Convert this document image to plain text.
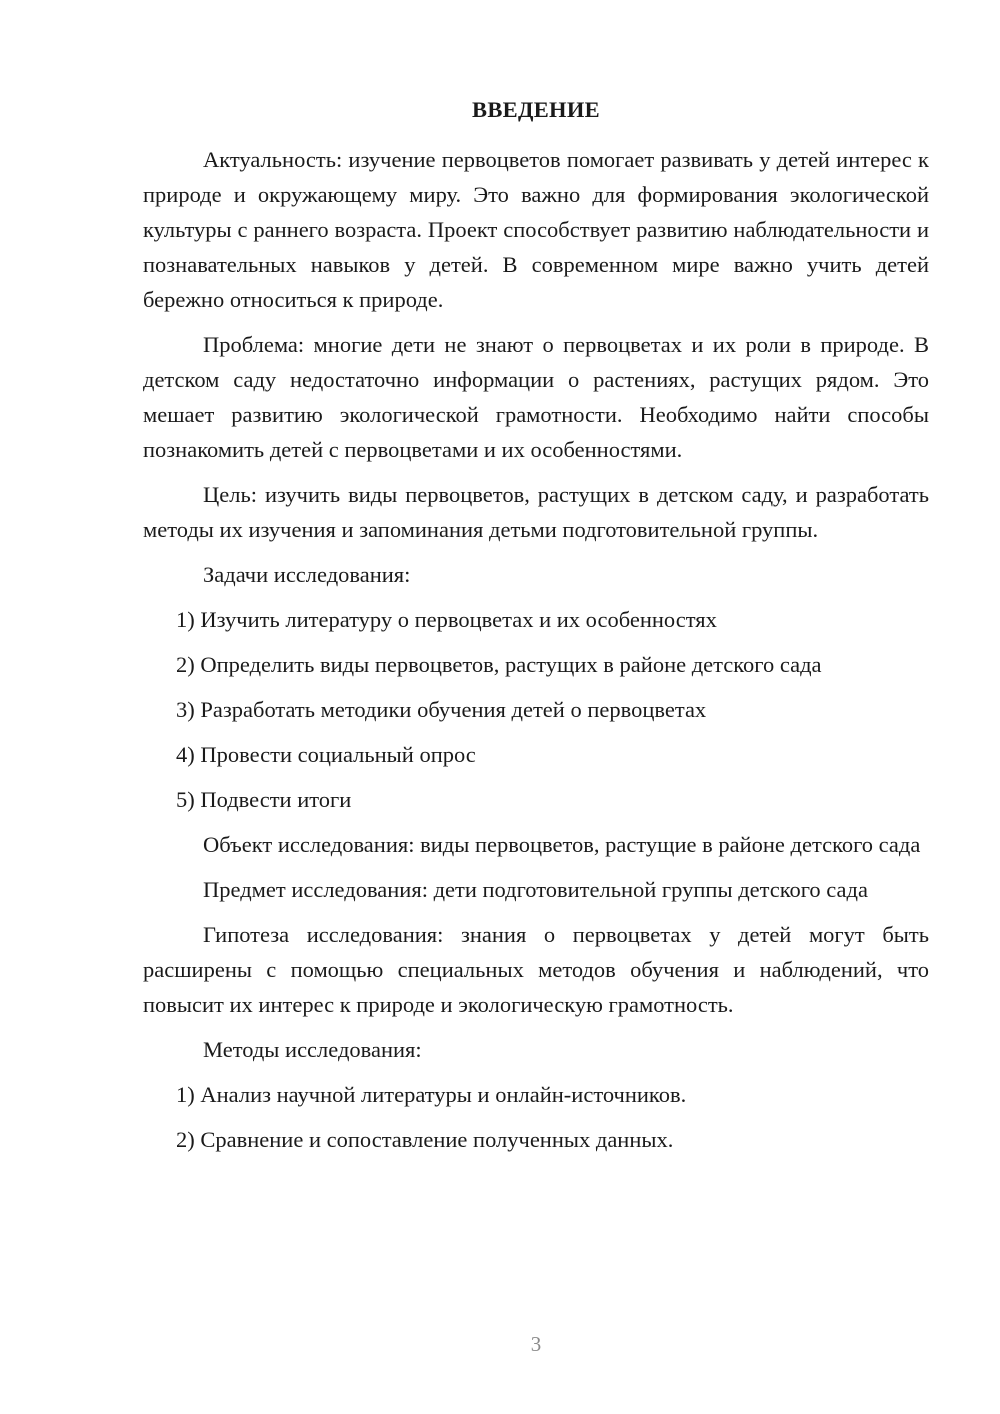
ВВЕДЕНИЕ

Актуальность: изучение первоцветов помогает развивать у детей интерес к природе и окружающему миру. Это важно для формирования экологической культуры с раннего возраста. Проект способствует развитию наблюдательности и познавательных навыков у детей. В современном мире важно учить детей бережно относиться к природе.

Проблема: многие дети не знают о первоцветах и их роли в природе. В детском саду недостаточно информации о растениях, растущих рядом. Это мешает развитию экологической грамотности. Необходимо найти способы познакомить детей с первоцветами и их особенностями.

Цель: изучить виды первоцветов, растущих в детском саду, и разработать методы их изучения и запоминания детьми подготовительной группы.

Задачи исследования:

1) Изучить литературу о первоцветах и их особенностях

2) Определить виды первоцветов, растущих в районе детского сада

3) Разработать методики обучения детей о первоцветах

4) Провести социальный опрос

5) Подвести итоги

Объект исследования: виды первоцветов, растущие в районе детского сада

Предмет исследования: дети подготовительной группы детского сада

Гипотеза исследования: знания о первоцветах у детей могут быть расширены с помощью специальных методов обучения и наблюдений, что повысит их интерес к природе и экологическую грамотность.

Методы исследования:

1) Анализ научной литературы и онлайн-источников.

2) Сравнение и сопоставление полученных данных.

3
